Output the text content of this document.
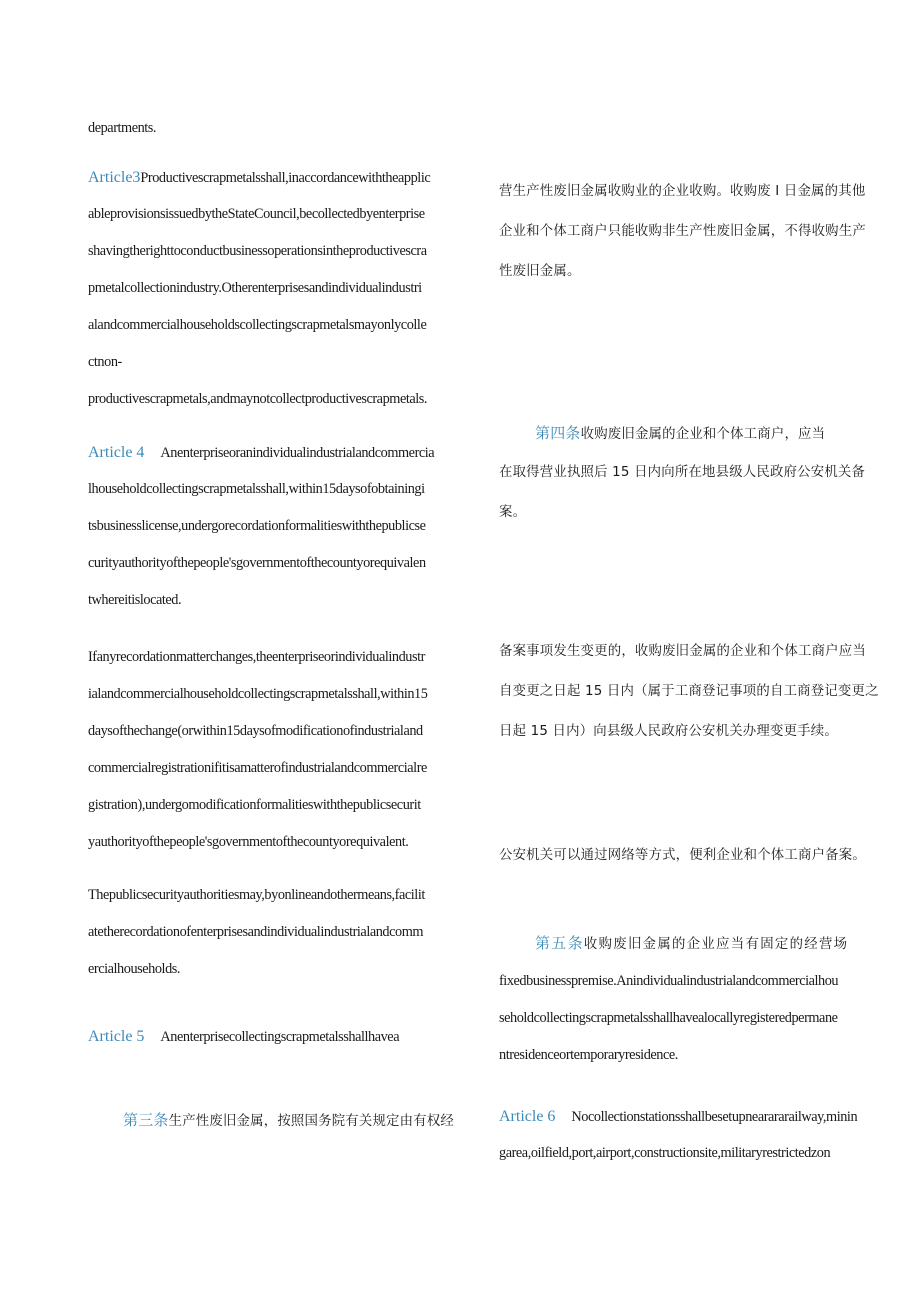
departments.
Article3Productivescrapmetalsshall,inaccordancewiththeapplic
ableprovisionsissuedbytheStateCouncil,becollectedbyenterprise
shavingtherighttoconductbusinessoperationsintheproductivescra
pmetalcollectionindustry.Otherenterprisesandindividualindustri
alandcommercialhouseholdscollectingscrapmetalsmayonlycolle
ctnon-
productivescrapmetals,andmaynotcollectproductivescrapmetals.
Article 4 Anenterpriseoranindividualindustrialandcommercia
lhouseholdcollectingscrapmetalsshall,within15daysofobtainingi
tsbusinesslicense,undergorecordationformalitieswiththepublicse
curityauthorityofthepeople'sgovernmentofthecountyorequivalen
twhereitislocated.
Ifanyrecordationmatterchanges,theenterpriseorindividualindustr
ialandcommercialhouseholdcollectingscrapmetalsshall,within15
daysofthechange(orwithin15daysofmodificationofindustrialand
commercialregistrationifitisamatterofindustrialandcommercialre
gistration),undergomodificationformalitieswiththepublicsecurit
yauthorityofthepeople'sgovernmentofthecountyorequivalent.
Thepublicsecurityauthoritiesmay,byonlineandothermeans,facilit
atetherecordationofenterprisesandindividualindustrialandcomm
ercialhouseholds.
Article 5 Anenterprisecollectingscrapmetalsshallhavea
第三条生产性废旧金属，按照国务院有关规定由有权经
营生产性废旧金属收购业的企业收购。收购废 I 日金属的其他
企业和个体工商户只能收购非生产性废旧金属，不得收购生产
性废旧金属。
第四条收购废旧金属的企业和个体工商户，应当
在取得营业执照后 15 日内向所在地县级人民政府公安机关备
案。
备案事项发生变更的，收购废旧金属的企业和个体工商户应当
自变更之日起 15 日内（属于工商登记事项的自工商登记变更之
日起 15 日内）向县级人民政府公安机关办理变更手续。
公安机关可以通过网络等方式，便利企业和个体工商户备案。
第五条收购废旧金属的企业应当有固定的经营场
fixedbusinesspremise.Anindividualindustrialandcommercialhou
seholdcollectingscrapmetalsshallhavealocallyregisteredpermane
ntresidenceortemporaryresidence.
Article 6 Nocollectionstationsshallbesetupnearararailway,minin
garea,oilfield,port,airport,constructionsite,militaryrestrictedzon
